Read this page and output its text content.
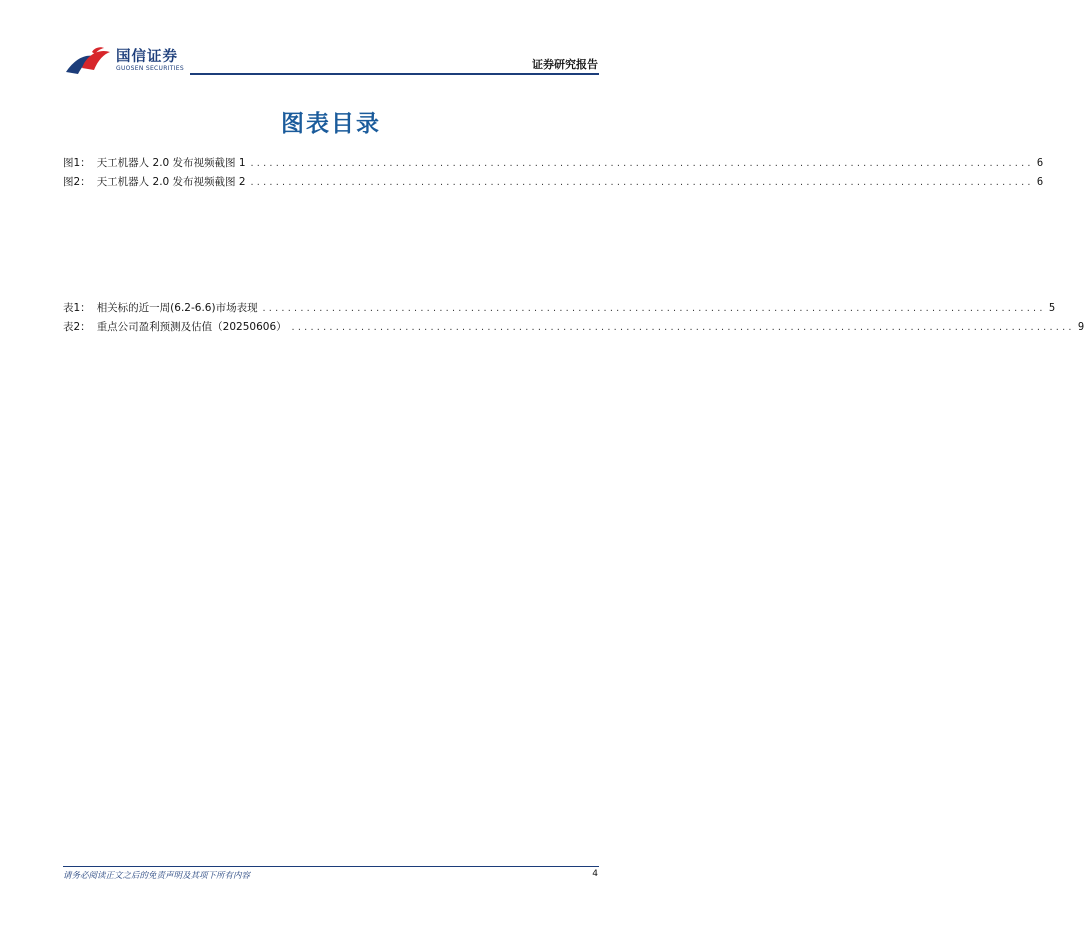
国信证券
GUOSEN SECURITIES	证券研究报告
图表目录
图1： 天工机器人 2.0 发布视频截图 1 ............................................................................................................................ 6
图2： 天工机器人 2.0 发布视频截图 2 ............................................................................................................................ 6
表1： 相关标的近一周(6.2-6.6)市场表现 ............................................................................................................................ 5
表2： 重点公司盈利预测及估值（20250606） ............................................................................................................................ 9
请务必阅读正文之后的免责声明及其项下所有内容	4
